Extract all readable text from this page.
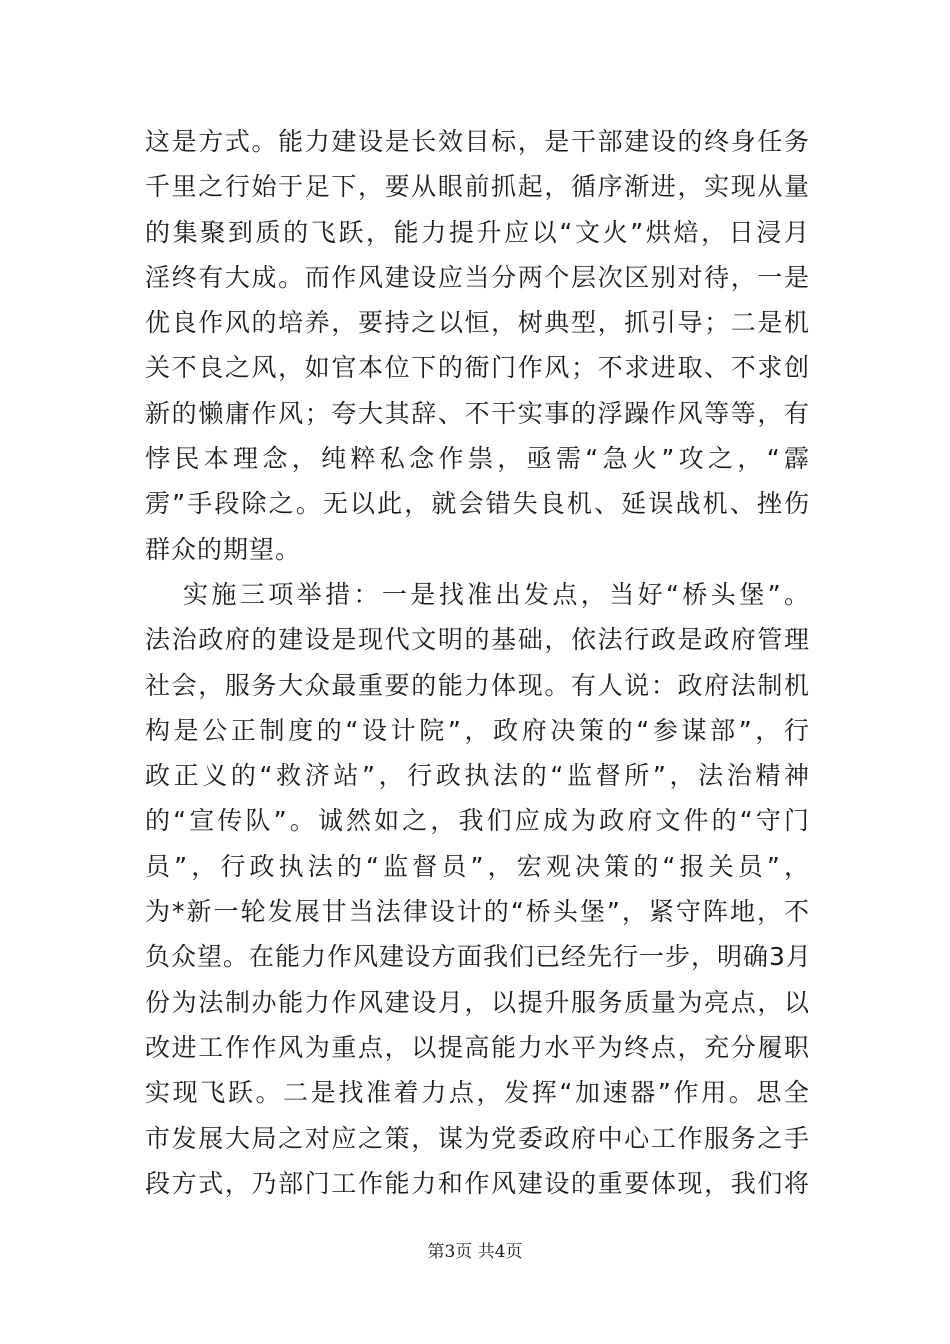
这是方式。能力建设是长效目标，是干部建设的终身任务
千里之行始于足下，要从眼前抓起，循序渐进，实现从量
的集聚到质的飞跃，能力提升应以“文火”烘焙，日浸月
淫终有大成。而作风建设应当分两个层次区别对待，一是
优良作风的培养，要持之以恒，树典型，抓引导；二是机
关不良之风，如官本位下的衙门作风；不求进取、不求创
新的懒庸作风；夸大其辞、不干实事的浮躁作风等等，有
悖民本理念，纯粹私念作祟，亟需“急火”攻之，“霹
雳”手段除之。无以此，就会错失良机、延误战机、挫伤
群众的期望。
实施三项举措：一是找准出发点，当好“桥头堡”。
法治政府的建设是现代文明的基础，依法行政是政府管理
社会，服务大众最重要的能力体现。有人说：政府法制机
构是公正制度的“设计院”，政府决策的“参谋部”，行
政正义的“救济站”，行政执法的“监督所”，法治精神
的“宣传队”。诚然如之，我们应成为政府文件的“守门
员”，行政执法的“监督员”，宏观决策的“报关员”，
为*新一轮发展甘当法律设计的“桥头堡”，紧守阵地，不
负众望。在能力作风建设方面我们已经先行一步，明确3月
份为法制办能力作风建设月，以提升服务质量为亮点，以
改进工作作风为重点，以提高能力水平为终点，充分履职
实现飞跃。二是找准着力点，发挥“加速器”作用。思全
市发展大局之对应之策，谋为党委政府中心工作服务之手
段方式，乃部门工作能力和作风建设的重要体现，我们将
第3页 共4页
